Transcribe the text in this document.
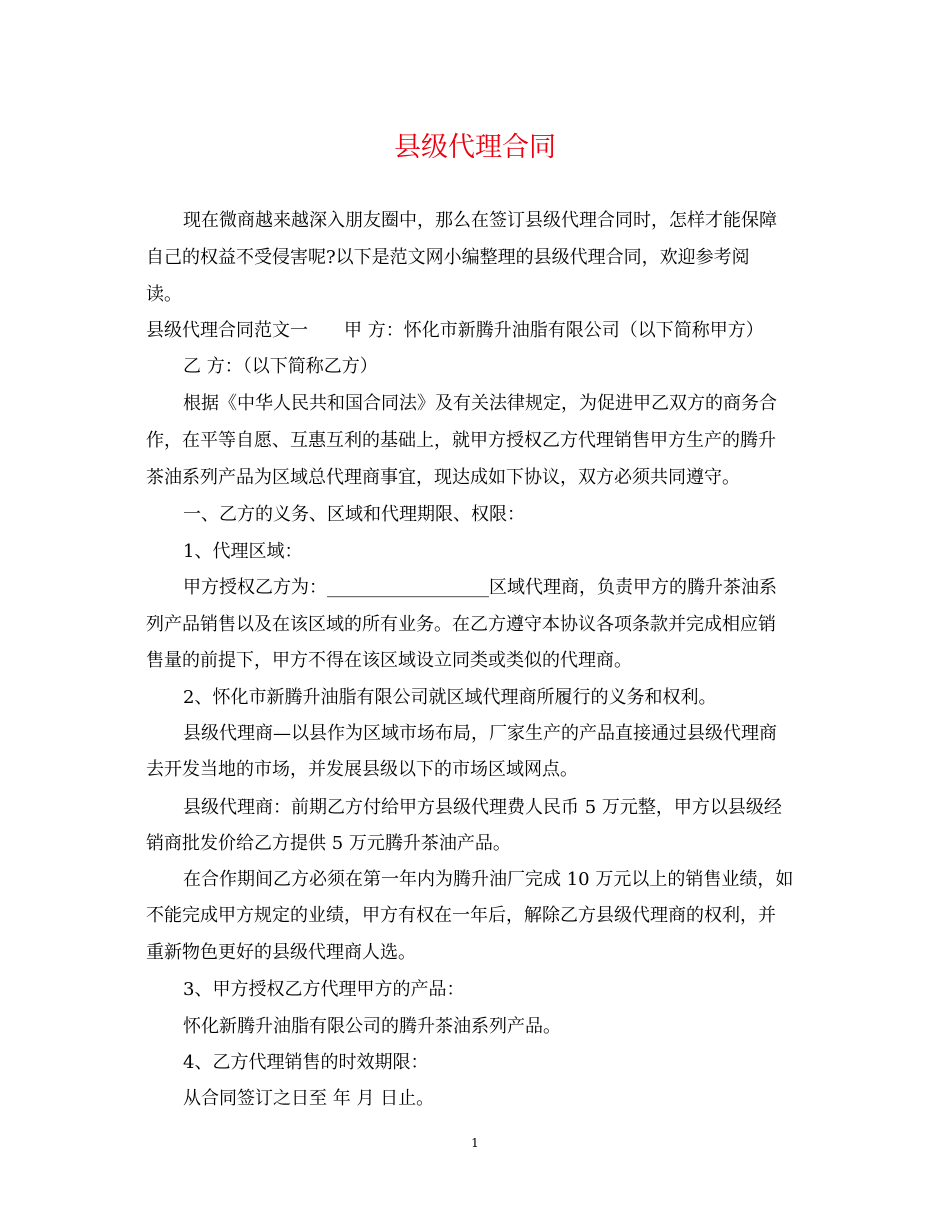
县级代理合同
现在微商越来越深入朋友圈中，那么在签订县级代理合同时，怎样才能保障
自己的权益不受侵害呢?以下是范文网小编整理的县级代理合同，欢迎参考阅
读。
县级代理合同范文一　　甲 方：怀化市新腾升油脂有限公司（以下简称甲方）
乙 方：（以下简称乙方）
根据《中华人民共和国合同法》及有关法律规定，为促进甲乙双方的商务合
作，在平等自愿、互惠互利的基础上，就甲方授权乙方代理销售甲方生产的腾升
茶油系列产品为区域总代理商事宜，现达成如下协议，双方必须共同遵守。
一、乙方的义务、区域和代理期限、权限：
1、代理区域：
甲方授权乙方为：__________________区域代理商，负责甲方的腾升茶油系
列产品销售以及在该区域的所有业务。在乙方遵守本协议各项条款并完成相应销
售量的前提下，甲方不得在该区域设立同类或类似的代理商。
2、怀化市新腾升油脂有限公司就区域代理商所履行的义务和权利。
县级代理商—以县作为区域市场布局，厂家生产的产品直接通过县级代理商
去开发当地的市场，并发展县级以下的市场区域网点。
县级代理商：前期乙方付给甲方县级代理费人民币 5 万元整，甲方以县级经
销商批发价给乙方提供 5 万元腾升茶油产品。
在合作期间乙方必须在第一年内为腾升油厂完成 10 万元以上的销售业绩，如
不能完成甲方规定的业绩，甲方有权在一年后，解除乙方县级代理商的权利，并
重新物色更好的县级代理商人选。
3、甲方授权乙方代理甲方的产品：
怀化新腾升油脂有限公司的腾升茶油系列产品。
4、乙方代理销售的时效期限：
从合同签订之日至 年 月 日止。
1
